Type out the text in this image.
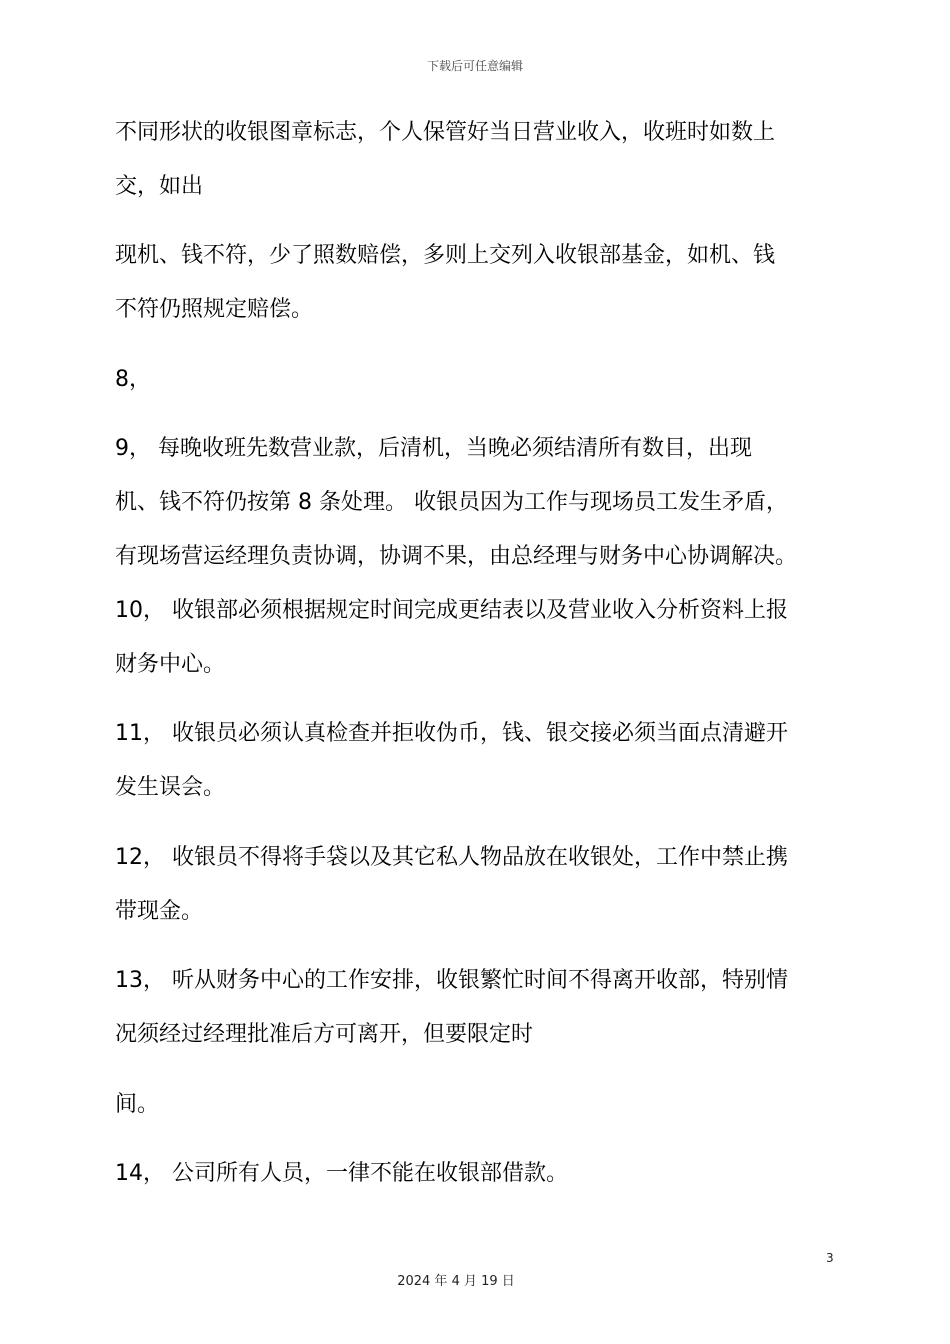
下载后可任意编辑
不同形状的收银图章标志，个人保管好当日营业收入，收班时如数上
交，如出
现机、钱不符，少了照数赔偿，多则上交列入收银部基金，如机、钱
不符仍照规定赔偿。
8，
9， 每晚收班先数营业款，后清机，当晚必须结清所有数目，出现
机、钱不符仍按第 8 条处理。 收银员因为工作与现场员工发生矛盾，
有现场营运经理负责协调，协调不果，由总经理与财务中心协调解决。
10， 收银部必须根据规定时间完成更结表以及营业收入分析资料上报
财务中心。
11， 收银员必须认真检查并拒收伪币，钱、银交接必须当面点清避开
发生误会。
12， 收银员不得将手袋以及其它私人物品放在收银处，工作中禁止携
带现金。
13， 听从财务中心的工作安排，收银繁忙时间不得离开收部，特别情
况须经过经理批准后方可离开，但要限定时
间。
14， 公司所有人员，一律不能在收银部借款。
3
2024 年 4 月 19 日
